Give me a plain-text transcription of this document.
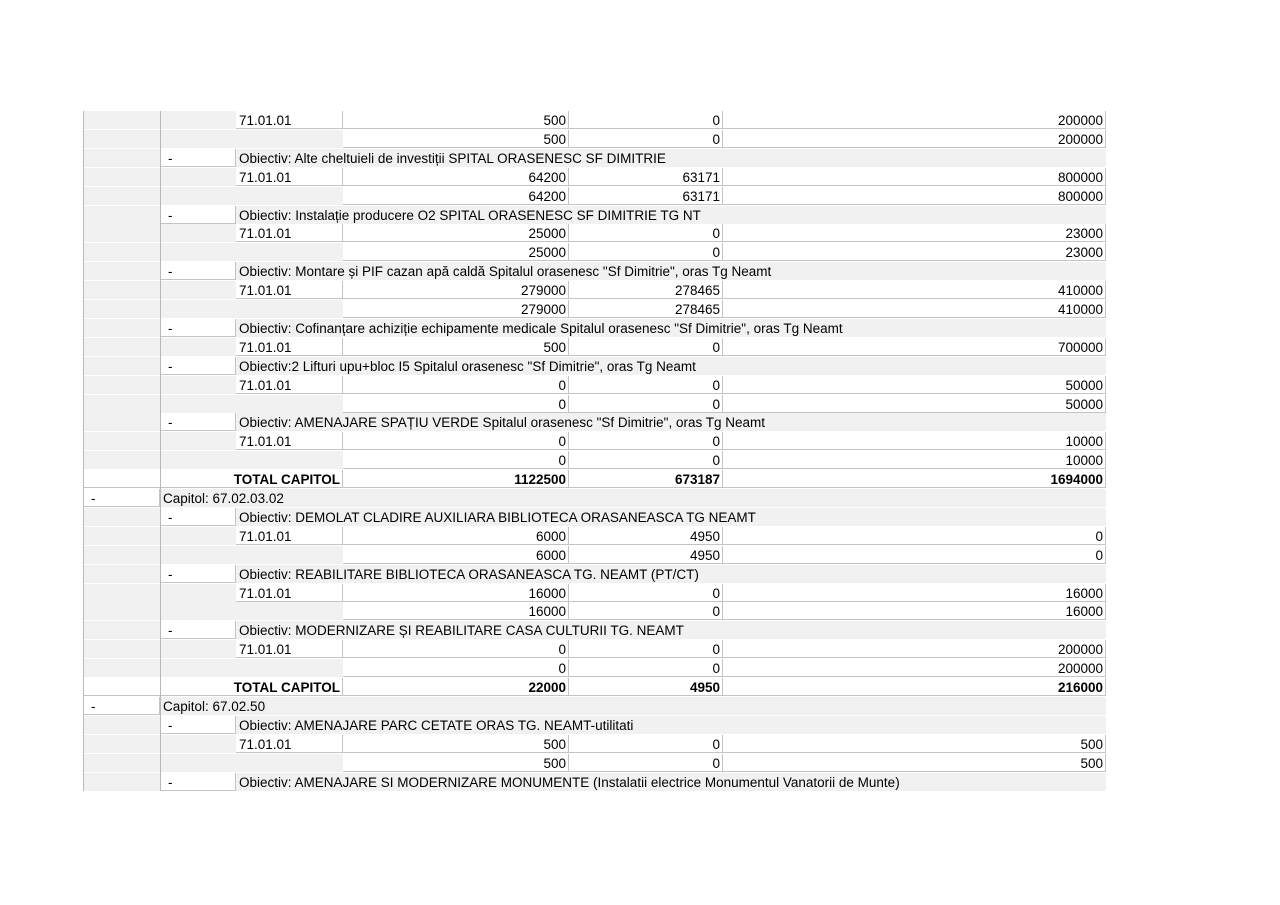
71.01.01	500	0	200000
500	0	200000
-	Obiectiv: Alte cheltuieli de investiții SPITAL ORASENESC SF DIMITRIE
71.01.01	64200	63171	800000
64200	63171	800000
-	Obiectiv: Instalație producere O2 SPITAL ORASENESC SF DIMITRIE TG NT
71.01.01	25000	0	23000
25000	0	23000
-	Obiectiv: Montare și PIF cazan apă caldă Spitalul orasenesc "Sf Dimitrie", oras Tg Neamt
71.01.01	279000	278465	410000
279000	278465	410000
-	Obiectiv: Cofinanțare achiziție echipamente medicale Spitalul orasenesc "Sf Dimitrie", oras Tg Neamt
71.01.01	500	0	700000
-	Obiectiv:2 Lifturi upu+bloc I5 Spitalul orasenesc "Sf Dimitrie", oras Tg Neamt
71.01.01	0	0	50000
0	0	50000
-	Obiectiv: AMENAJARE SPAȚIU VERDE Spitalul orasenesc "Sf Dimitrie", oras Tg Neamt
71.01.01	0	0	10000
0	0	10000
TOTAL CAPITOL	1122500	673187	1694000
-	Capitol: 67.02.03.02
-	Obiectiv: DEMOLAT CLADIRE AUXILIARA BIBLIOTECA ORASANEASCA TG NEAMT
71.01.01	6000	4950	0
6000	4950	0
-	Obiectiv: REABILITARE BIBLIOTECA ORASANEASCA TG. NEAMT (PT/CT)
71.01.01	16000	0	16000
16000	0	16000
-	Obiectiv: MODERNIZARE ȘI REABILITARE CASA CULTURII TG. NEAMT
71.01.01	0	0	200000
0	0	200000
TOTAL CAPITOL	22000	4950	216000
-	Capitol: 67.02.50
-	Obiectiv: AMENAJARE PARC CETATE ORAS TG. NEAMT-utilitati
71.01.01	500	0	500
500	0	500
-	Obiectiv: AMENAJARE SI MODERNIZARE MONUMENTE (Instalatii electrice Monumentul Vanatorii de Munte)
